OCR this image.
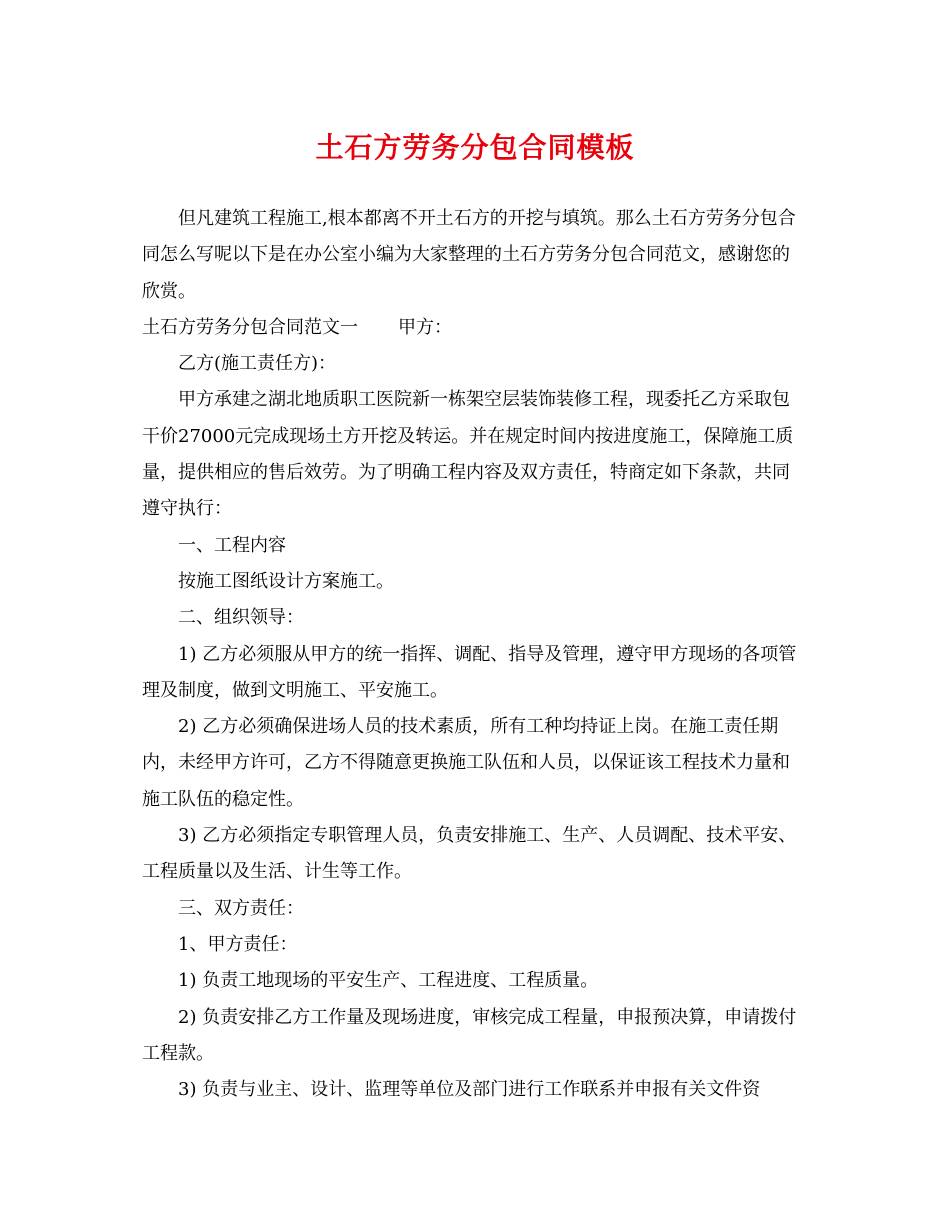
土石方劳务分包合同模板

但凡建筑工程施工,根本都离不开土石方的开挖与填筑。那么土石方劳务分包合同怎么写呢以下是在办公室小编为大家整理的土石方劳务分包合同范文，感谢您的欣赏。

土石方劳务分包合同范文一 甲方：

乙方(施工责任方)：

甲方承建之湖北地质职工医院新一栋架空层装饰装修工程，现委托乙方采取包干价27000元完成现场土方开挖及转运。并在规定时间内按进度施工，保障施工质量，提供相应的售后效劳。为了明确工程内容及双方责任，特商定如下条款，共同遵守执行：

一、工程内容

按施工图纸设计方案施工。

二、组织领导：

1) 乙方必须服从甲方的统一指挥、调配、指导及管理，遵守甲方现场的各项管理及制度，做到文明施工、平安施工。

2) 乙方必须确保进场人员的技术素质，所有工种均持证上岗。在施工责任期内，未经甲方许可，乙方不得随意更换施工队伍和人员，以保证该工程技术力量和施工队伍的稳定性。

3) 乙方必须指定专职管理人员，负责安排施工、生产、人员调配、技术平安、工程质量以及生活、计生等工作。

三、双方责任：

1、甲方责任：

1) 负责工地现场的平安生产、工程进度、工程质量。

2) 负责安排乙方工作量及现场进度，审核完成工程量，申报预决算，申请拨付工程款。

3) 负责与业主、设计、监理等单位及部门进行工作联系并申报有关文件资
